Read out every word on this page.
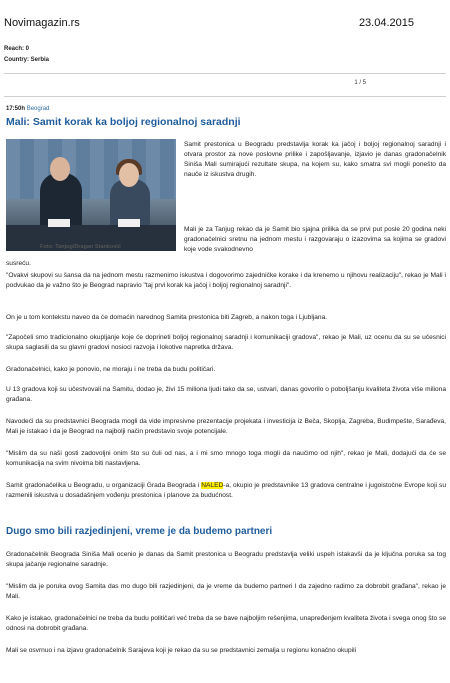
Novimagazin.rs	23.04.2015
Reach: 0
Country: Serbia
1 / 5
17:50h Beograd
Mali: Samit korak ka boljoj regionalnoj saradnji
Foto: Tanjug/Dragan Stanković
Samit prestonica u Beogradu predstavlja korak ka jačoj i boljoj regionalnoj saradnji i otvara prostor za nove poslovne prilike i zapošljavanje, izjavio je danas gradonačelnik Siniša Mali sumirajući rezultate skupa, na kojem su, kako smatra svi mogli ponešto da nauče iz iskustva drugih.
Mali je za Tanjug rekao da je Samit bio sjajna prilika da se prvi put posle 20 godina neki gradonačelnici sretnu na jednom mestu i razgovaraju o izazovima sa kojima se gradovi koje vode svakodnevno
susreću.
"Ovakvi skupovi su šansa da na jednom mestu razmenimo iskustva i dogovorimo zajedničke korake i da krenemo u njihovu realizaciju", rekao je Mali i podvukao da je važno što je Beograd napravio "taj prvi korak ka jačoj i boljoj regionalnoj saradnji".
On je u tom kontekstu naveo da će domaćin narednog Samita prestonica biti Zagreb, a nakon toga i Ljubljana.
"Započeli smo tradicionalno okupljanje koje će doprineti boljoj regionalnoj saradnji i komunikaciji gradova", rekao je Mali, uz ocenu da su se učesnici skupa saglasili da su glavni gradovi nosioci razvoja i lokotive napretka država.
Gradonačelnici, kako je ponovio, ne moraju i ne treba da budu političari.
U 13 gradova koji su učestvovali na Samitu, dodao je, živi 15 miliona ljudi tako da se, ustvari, danas govorilo o poboljšanju kvaliteta života više miliona građana.
Navodeći da su predstavnici Beograda mogli da vide impresivne prezentacije projekata i investicija iz Beča, Skoplja, Zagreba, Budimpešte, Sarađeva, Mali je istakao i da je Beograd na najbolji način predstavio svoje potencijale.
"Mislim da su naši gosti zadovoljni onim što su čuli od nas, a i mi smo mnogo toga mogli da naučimo od njih", rekao je Mali, dodajući da će se komunikacija na svim nivoima biti nastavljena.
Samit gradonačelika u Beogradu, u organizaciji Grada Beograda i NALED-a, okupio je predstavnike 13 gradova centralne i jugoistočne Evrope koji su razmenili iskustva u dosadašnjem vođenju prestonica i planove za budućnost.
Dugo smo bili razjedinjeni, vreme je da budemo partneri
Gradonačelnik Beograda Siniša Mali ocenio je danas da Samit prestonica u Beogradu predstavlja veliki uspeh istakavši da je ključna poruka sa tog skupa jačanje regionalne saradnje.
"Mislim da je poruka ovog Samita das mo dugo bili razjedinjeni, da je vreme da budemo partneri I da zajedno radimo za dobrobit građana", rekao je Mali.
Kako je istakao, gradonačelnici ne treba da budu političari već treba da se bave najboljim rešenjima, unapređenjem kvaliteta života i svega onog što se odnosi na dobrobit građana.
Mali se osvrnuo i na izjavu gradonačelnik Sarajeva koji je rekao da su se predstavnici zemalja u regionu konačno okupili
